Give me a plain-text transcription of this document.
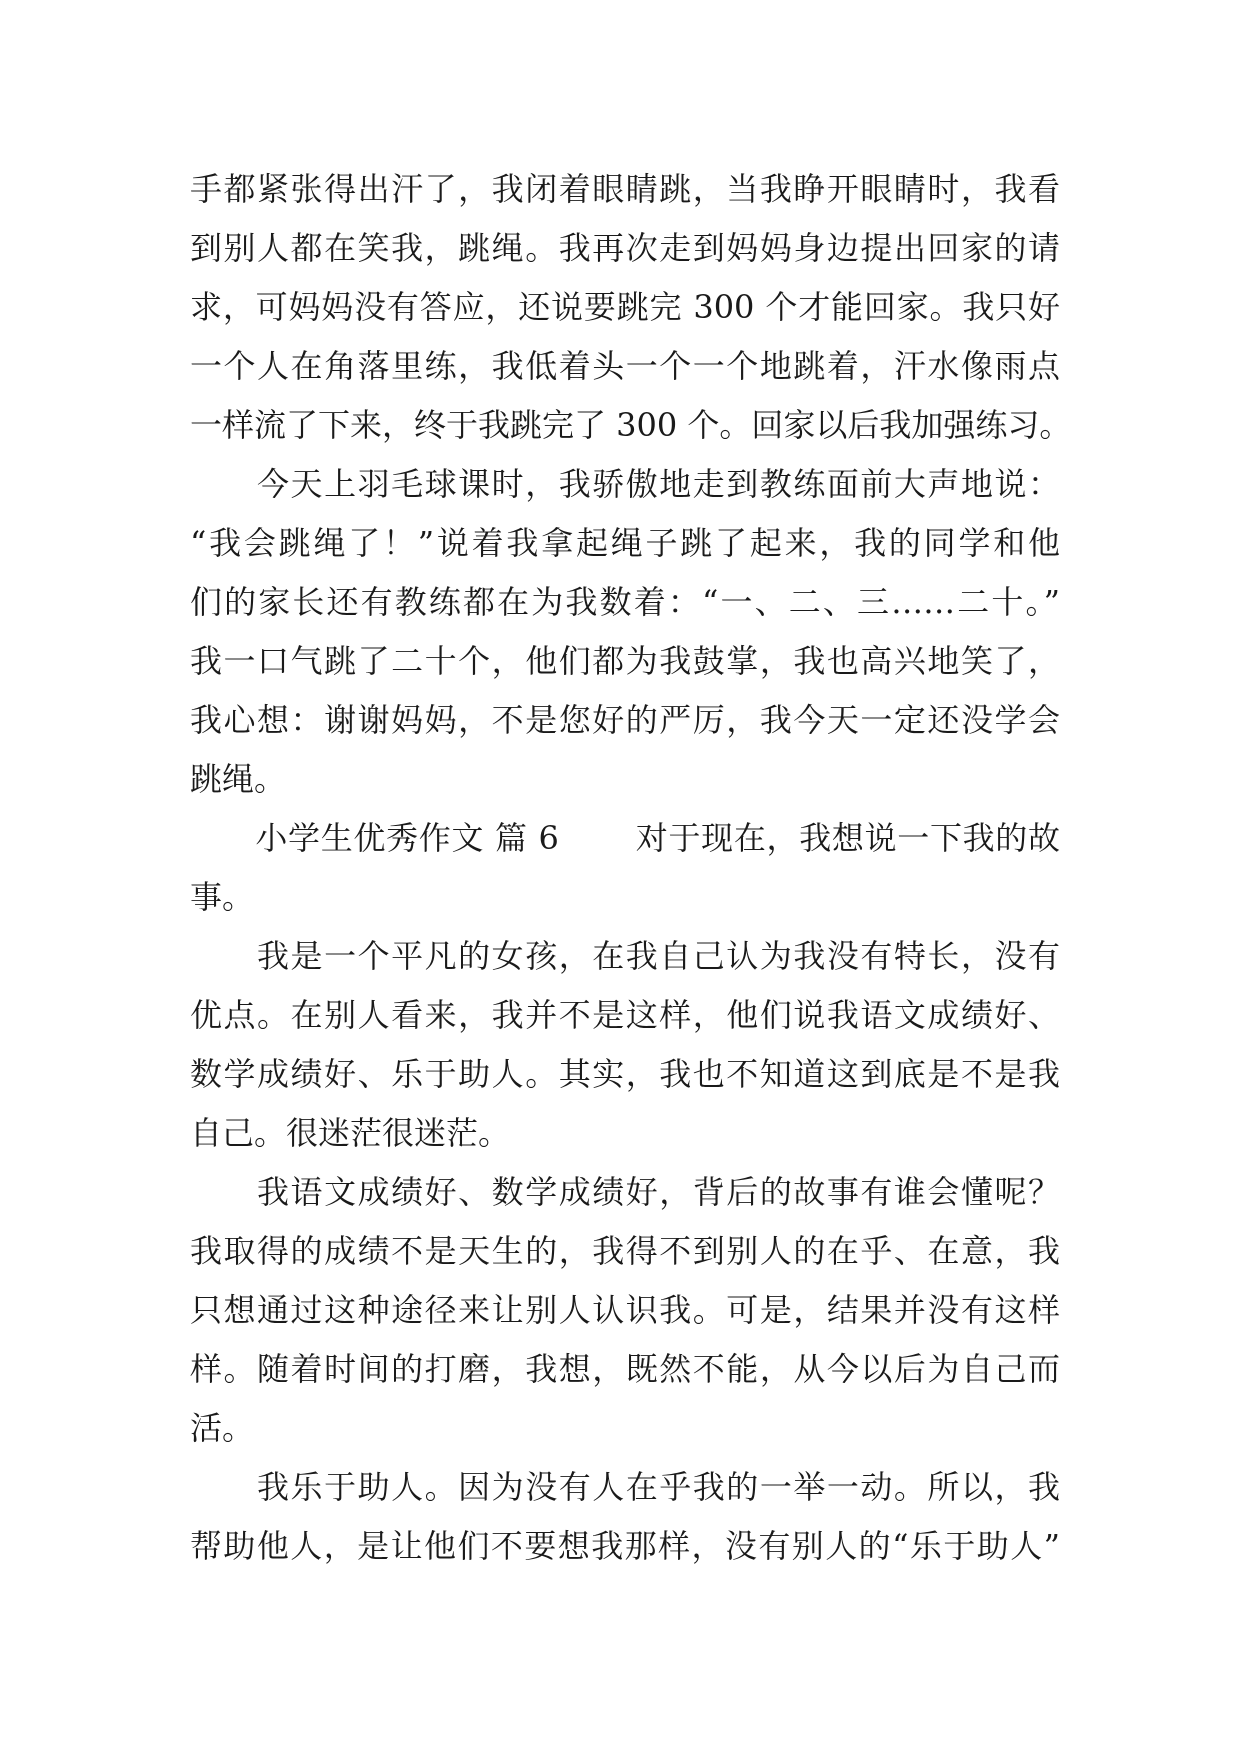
手都紧张得出汗了，我闭着眼睛跳，当我睁开眼睛时，我看
到别人都在笑我，跳绳。我再次走到妈妈身边提出回家的请
求，可妈妈没有答应，还说要跳完 300 个才能回家。我只好
一个人在角落里练，我低着头一个一个地跳着，汗水像雨点
一样流了下来，终于我跳完了 300 个。回家以后我加强练习。
　　今天上羽毛球课时，我骄傲地走到教练面前大声地说：
“我会跳绳了！”说着我拿起绳子跳了起来，我的同学和他
们的家长还有教练都在为我数着：“一、二、三……二十。”
我一口气跳了二十个，他们都为我鼓掌，我也高兴地笑了，
我心想：谢谢妈妈，不是您好的严厉，我今天一定还没学会
跳绳。
　　小学生优秀作文 篇 6　　 对于现在，我想说一下我的故
事。
　　我是一个平凡的女孩，在我自己认为我没有特长，没有
优点。在别人看来，我并不是这样，他们说我语文成绩好、
数学成绩好、乐于助人。其实，我也不知道这到底是不是我
自己。很迷茫很迷茫。
　　我语文成绩好、数学成绩好，背后的故事有谁会懂呢？
我取得的成绩不是天生的，我得不到别人的在乎、在意，我
只想通过这种途径来让别人认识我。可是，结果并没有这样
样。随着时间的打磨，我想，既然不能，从今以后为自己而
活。
　　我乐于助人。因为没有人在乎我的一举一动。所以，我
帮助他人，是让他们不要想我那样，没有别人的“乐于助人”
